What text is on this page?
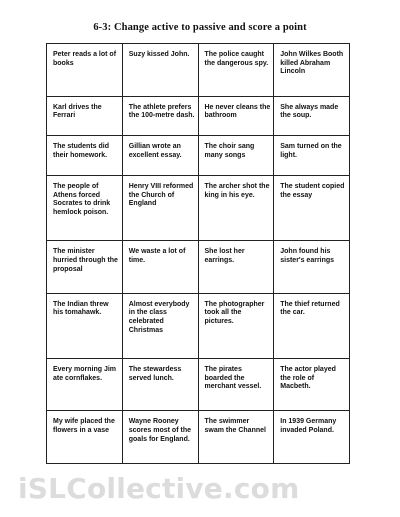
6-3: Change active to passive and score a point
Peter reads a lot of books	Suzy kissed John.	The police caught the dangerous spy.	John Wilkes Booth killed Abraham Lincoln
Karl drives the Ferrari	The athlete prefers the 100-metre dash.	He never cleans the bathroom	She always made the soup.
The students did their homework.	Gillian wrote an excellent essay.	The choir sang many songs	Sam turned on the light.
The people of Athens forced Socrates to drink hemlock poison.	Henry VIII reformed the Church of England	The archer shot the king in his eye.	The student copied the essay
The minister hurried through the proposal	We waste a lot of time.	She lost her earrings.	John found his sister's earrings
The Indian threw his tomahawk.	Almost everybody in the class celebrated Christmas	The photographer took all the pictures.	The thief returned the car.
Every morning Jim ate cornflakes.	The stewardess served lunch.	The pirates boarded the merchant vessel.	The actor played the role of Macbeth.
My wife placed the flowers in a vase	Wayne Rooney scores most of the goals for England.	The swimmer swam the Channel	In 1939 Germany invaded Poland.
iSLCollective.com
